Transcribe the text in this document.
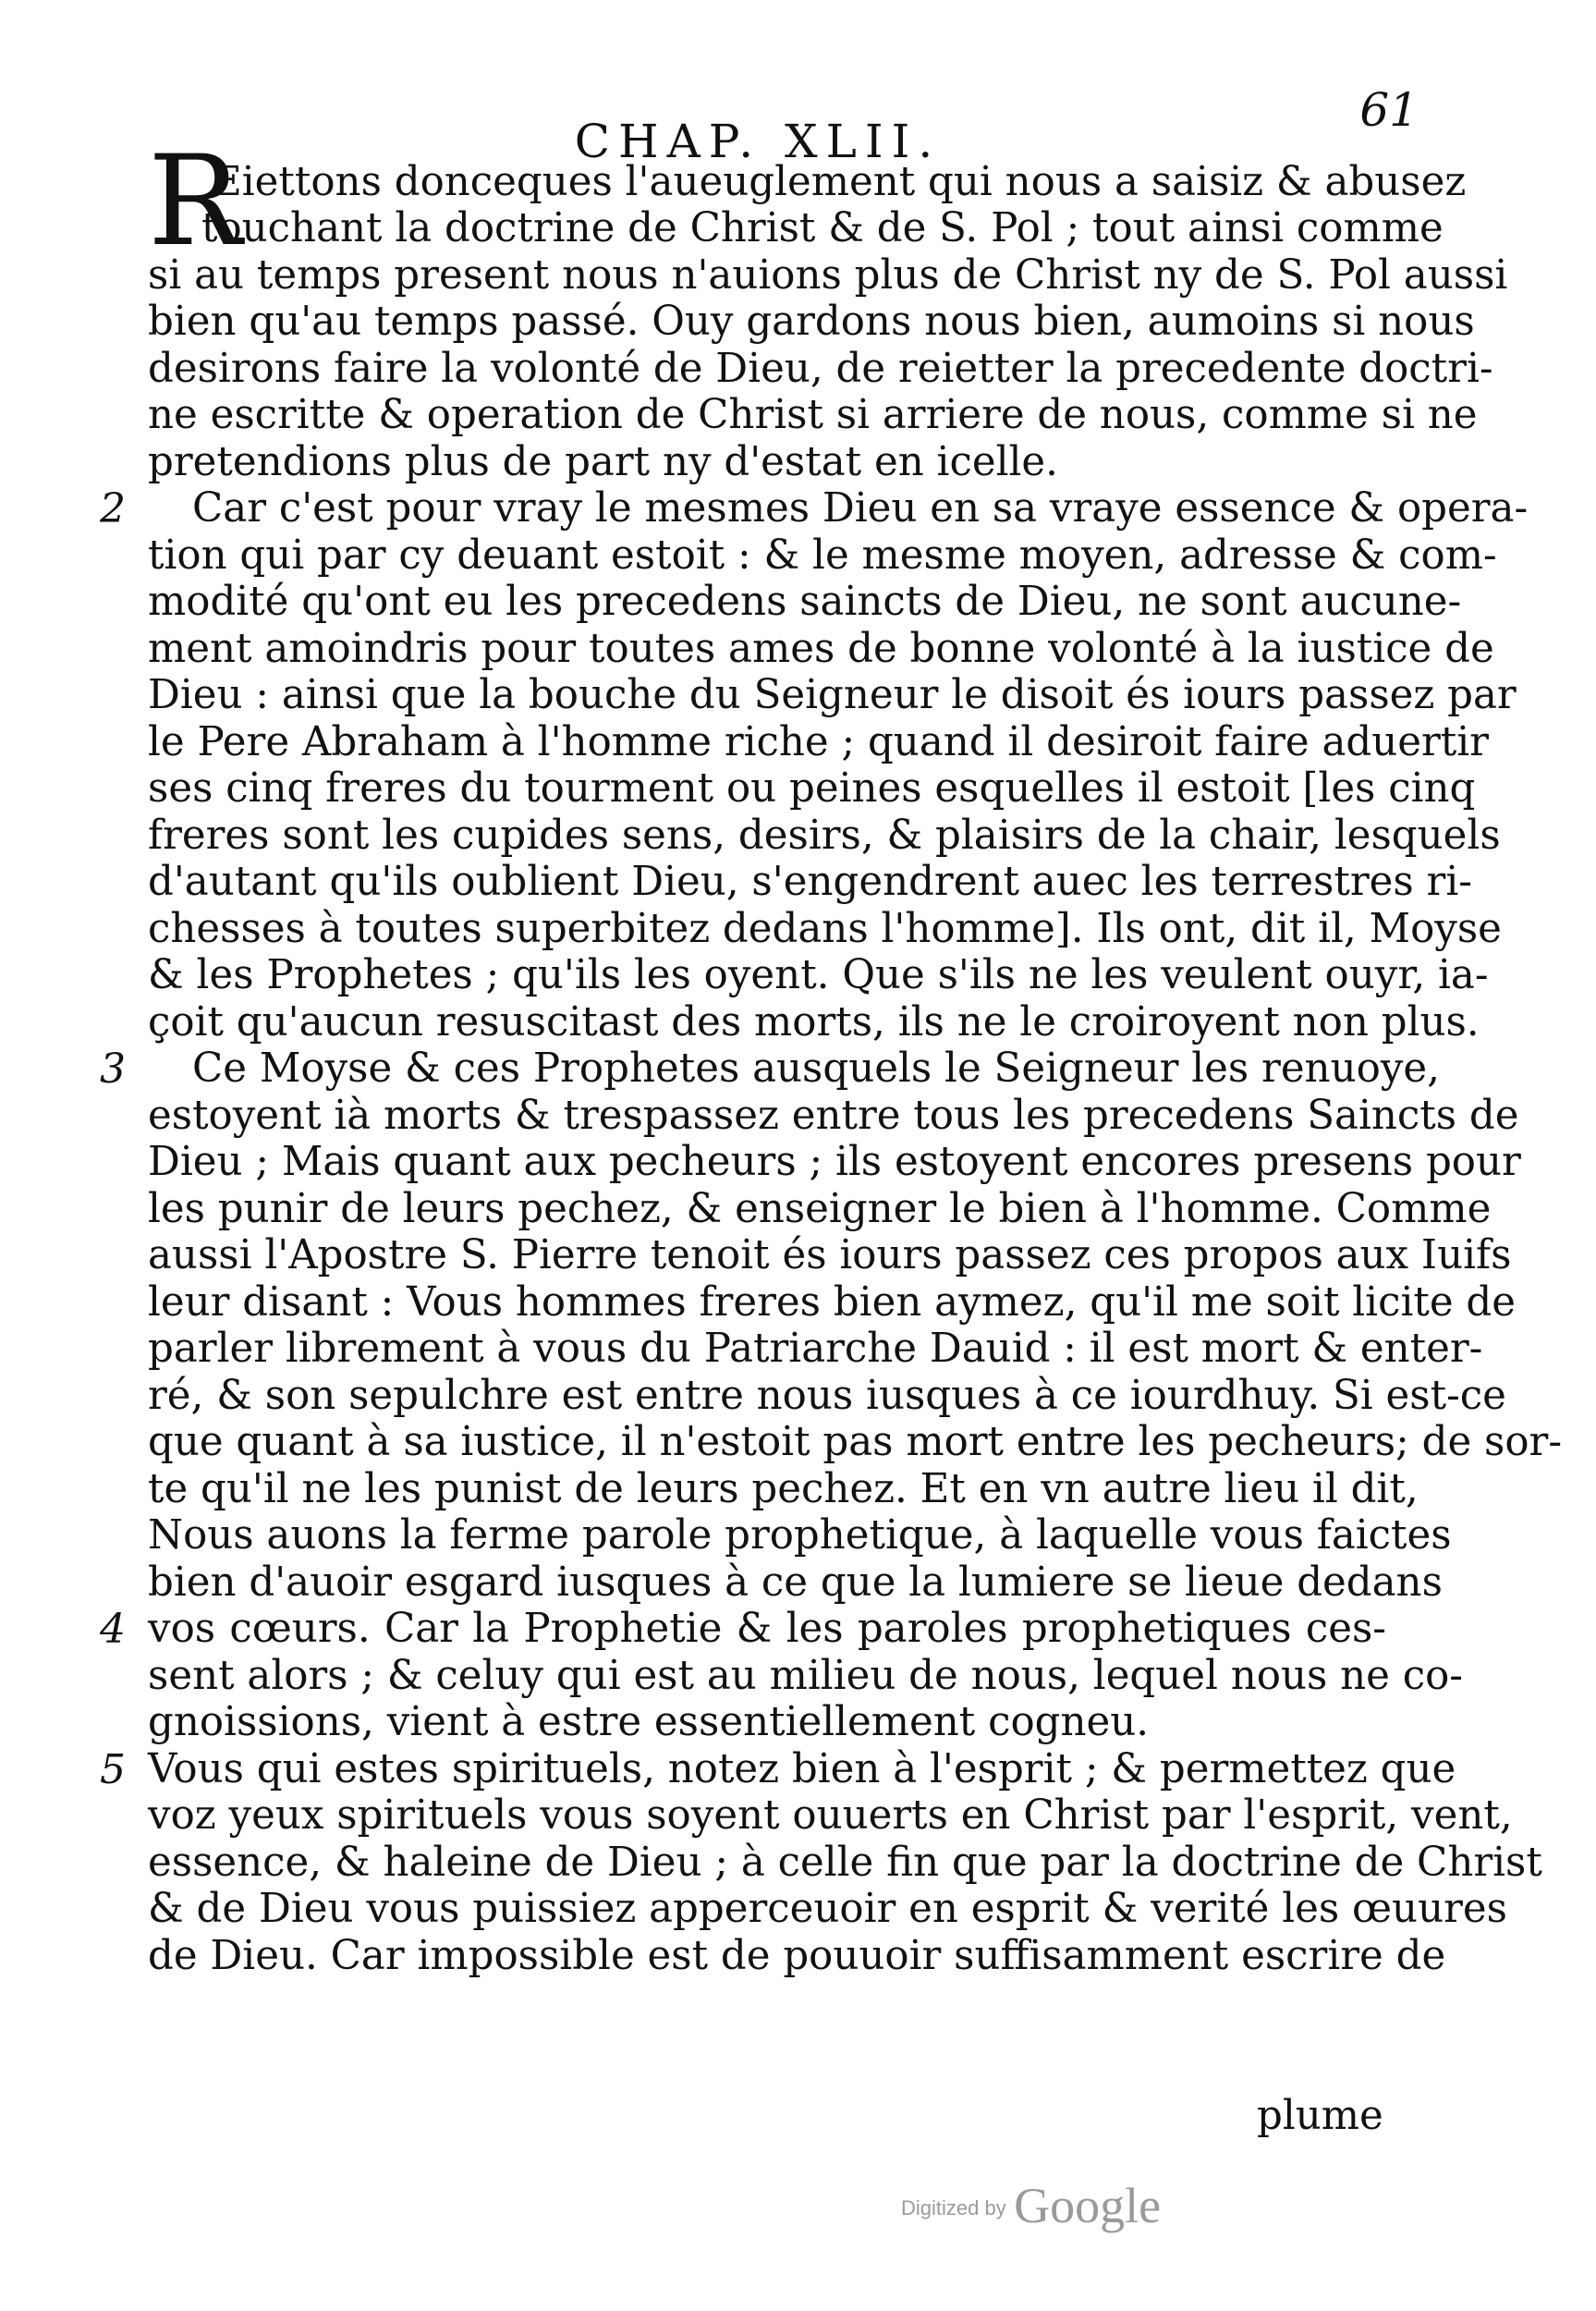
61
CHAP. XLII.
R
Eiettons donceques l'aueuglement qui nous a saisiz & abusez
touchant la doctrine de Christ & de S. Pol ; tout ainsi comme
si au temps present nous n'auions plus de Christ ny de S. Pol aussi
bien qu'au temps passé. Ouy gardons nous bien, aumoins si nous
desirons faire la volonté de Dieu, de reietter la precedente doctri-
ne escritte & operation de Christ si arriere de nous, comme si ne
pretendions plus de part ny d'estat en icelle.
Car c'est pour vray le mesmes Dieu en sa vraye essence & opera-
tion qui par cy deuant estoit : & le mesme moyen, adresse & com-
modité qu'ont eu les precedens saincts de Dieu, ne sont aucune-
ment amoindris pour toutes ames de bonne volonté à la iustice de
Dieu : ainsi que la bouche du Seigneur le disoit és iours passez par
le Pere Abraham à l'homme riche ; quand il desiroit faire aduertir
ses cinq freres du tourment ou peines esquelles il estoit [les cinq
freres sont les cupides sens, desirs, & plaisirs de la chair, lesquels
d'autant qu'ils oublient Dieu, s'engendrent auec les terrestres ri-
chesses à toutes superbitez dedans l'homme]. Ils ont, dit il, Moyse
& les Prophetes ; qu'ils les oyent. Que s'ils ne les veulent ouyr, ia-
çoit qu'aucun resuscitast des morts, ils ne le croiroyent non plus.
Ce Moyse & ces Prophetes ausquels le Seigneur les renuoye,
estoyent ià morts & trespassez entre tous les precedens Saincts de
Dieu ; Mais quant aux pecheurs ; ils estoyent encores presens pour
les punir de leurs pechez, & enseigner le bien à l'homme. Comme
aussi l'Apostre S. Pierre tenoit és iours passez ces propos aux Iuifs
leur disant : Vous hommes freres bien aymez, qu'il me soit licite de
parler librement à vous du Patriarche Dauid : il est mort & enter-
ré, & son sepulchre est entre nous iusques à ce iourdhuy. Si est-ce
que quant à sa iustice, il n'estoit pas mort entre les pecheurs; de sor-
te qu'il ne les punist de leurs pechez. Et en vn autre lieu il dit,
Nous auons la ferme parole prophetique, à laquelle vous faictes
bien d'auoir esgard iusques à ce que la lumiere se lieue dedans
vos cœurs. Car la Prophetie & les paroles prophetiques ces-
sent alors ; & celuy qui est au milieu de nous, lequel nous ne co-
gnoissions, vient à estre essentiellement cogneu.
Vous qui estes spirituels, notez bien à l'esprit ; & permettez que
voz yeux spirituels vous soyent ouuerts en Christ par l'esprit, vent,
essence, & haleine de Dieu ; à celle fin que par la doctrine de Christ
& de Dieu vous puissiez apperceuoir en esprit & verité les œuures
de Dieu. Car impossible est de pouuoir suffisamment escrire de
2
3
4
5
plume
Digitized by Google
